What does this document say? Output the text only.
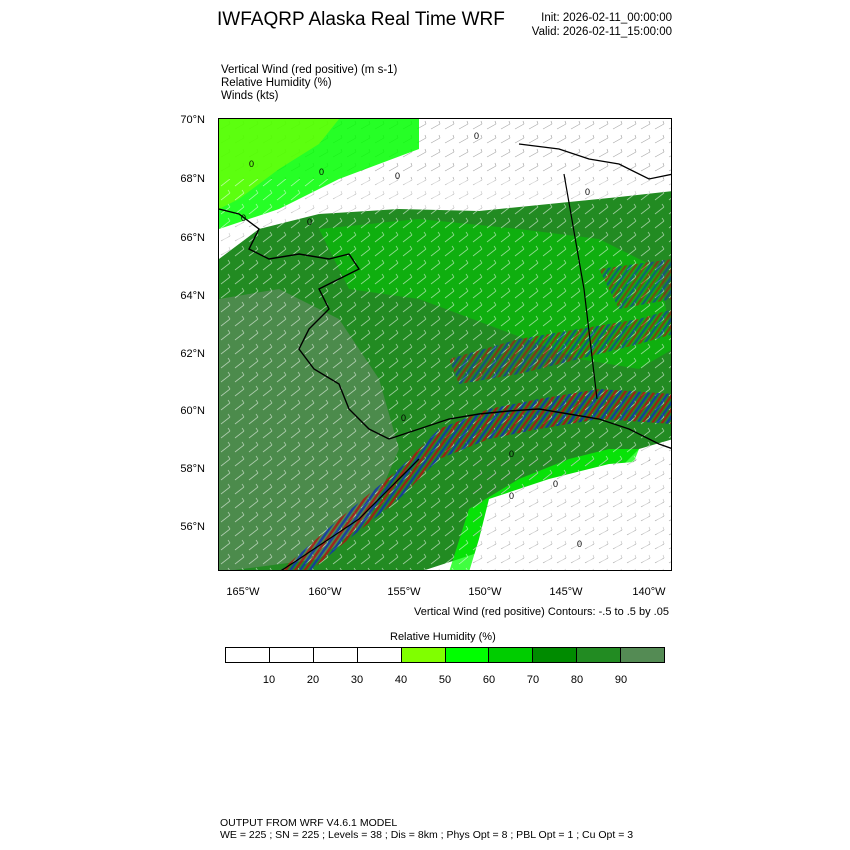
IWFAQRP Alaska Real Time WRF	Init: 2026-02-11_00:00:00
Valid: 2026-02-11_15:00:00
Vertical Wind (red positive) (m s-1)
Relative Humidity (%)
Winds (kts)
0
0
0	0
0
0	0
0
0
0
0
0
70°N
68°N
66°N
64°N
62°N
60°N
58°N
56°N
165°W	160°W	155°W	150°W	145°W	140°W
Vertical Wind (red positive) Contours: -.5 to .5 by .05
Relative Humidity (%)
10	20	30	40	50	60	70	80	90
OUTPUT FROM WRF V4.6.1 MODEL
WE = 225 ; SN = 225 ; Levels = 38 ; Dis = 8km ; Phys Opt = 8 ; PBL Opt = 1 ; Cu Opt = 3
